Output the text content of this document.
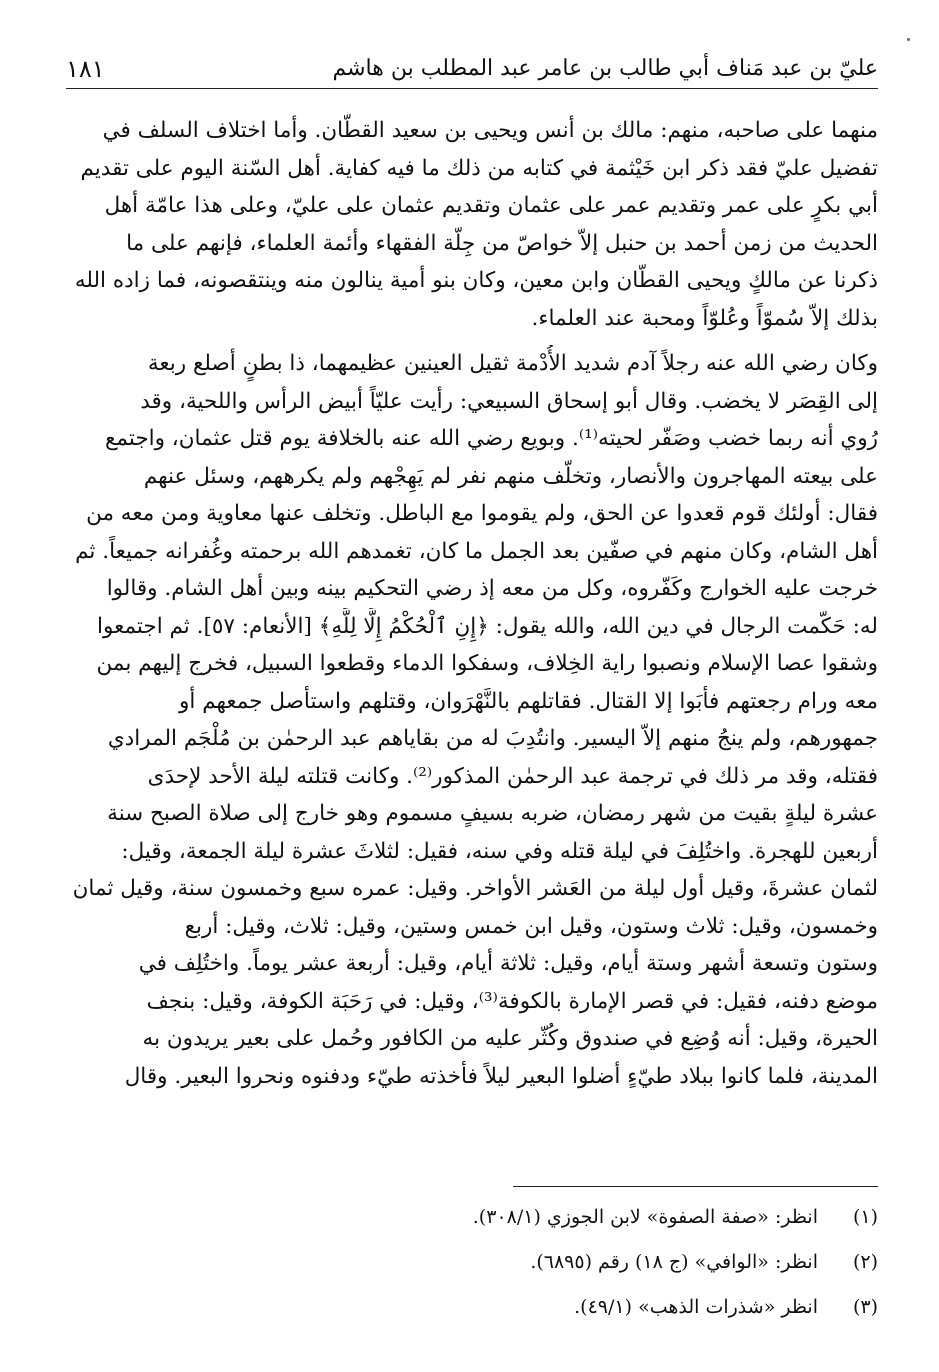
١٨١	عليّ بن عبد مَناف أبي طالب بن عامر عبد المطلب بن هاشم
منهما على صاحبه، منهم: مالك بن أنس ويحيى بن سعيد القطّان. وأما اختلاف السلف في
تفضيل عليّ فقد ذكر ابن خَيْثمة في كتابه من ذلك ما فيه كفاية. أهل السّنة اليوم على تقديم
أبي بكرٍ على عمر وتقديم عمر على عثمان وتقديم عثمان على عليّ، وعلى هذا عامّة أهل
الحديث من زمن أحمد بن حنبل إلاّ خواصّ من جِلّة الفقهاء وأئمة العلماء، فإنهم على ما
ذكرنا عن مالكٍ ويحيى القطّان وابن معين، وكان بنو أمية ينالون منه وينتقصونه، فما زاده الله
بذلك إلاّ سُموّاً وعُلوّاً ومحبة عند العلماء.
وكان رضي الله عنه رجلاً آدم شديد الأُدْمة ثقيل العينين عظيمهما، ذا بطنٍ أصلع ربعة
إلى القِصَر لا يخضب. وقال أبو إسحاق السبيعي: رأيت عليّاً أبيض الرأس واللحية، وقد
رُوي أنه ربما خضب وصَفّر لحيته⁽¹⁾. وبويع رضي الله عنه بالخلافة يوم قتل عثمان، واجتمع
على بيعته المهاجرون والأنصار، وتخلّف منهم نفر لم يَهِجْهم ولم يكرههم، وسئل عنهم
فقال: أولئك قوم قعدوا عن الحق، ولم يقوموا مع الباطل. وتخلف عنها معاوية ومن معه من
أهل الشام، وكان منهم في صفّين بعد الجمل ما كان، تغمدهم الله برحمته وغُفرانه جميعاً. ثم
خرجت عليه الخوارج وكَفّروه، وكل من معه إذ رضي التحكيم بينه وبين أهل الشام. وقالوا
له: حَكّمت الرجال في دين الله، والله يقول: ﴿إِنِ ٱلْحُكْمُ إِلَّا لِلَّهِ﴾ [الأنعام: ٥٧]. ثم اجتمعوا
وشقوا عصا الإسلام ونصبوا راية الخِلاف، وسفكوا الدماء وقطعوا السبيل، فخرج إليهم بمن
معه ورام رجعتهم فأبَوا إلا القتال. فقاتلهم بالنَّهْرَوان، وقتلهم واستأصل جمعهم أو
جمهورهم، ولم ينجُ منهم إلاّ اليسير. وانتُدِبَ له من بقاياهم عبد الرحمٰن بن مُلْجَم المرادي
فقتله، وقد مر ذلك في ترجمة عبد الرحمٰن المذكور⁽²⁾. وكانت قتلته ليلة الأحد لإحدَى
عشرة ليلةٍ بقيت من شهر رمضان، ضربه بسيفٍ مسموم وهو خارج إلى صلاة الصبح سنة
أربعين للهجرة. واختُلِفَ في ليلة قتله وفي سنه، فقيل: لثلاثَ عشرة ليلة الجمعة، وقيل:
لثمان عشرةَ، وقيل أول ليلة من العَشر الأواخر. وقيل: عمره سبع وخمسون سنة، وقيل ثمان
وخمسون، وقيل: ثلاث وستون، وقيل ابن خمس وستين، وقيل: ثلاث، وقيل: أربع
وستون وتسعة أشهر وستة أيام، وقيل: ثلاثة أيام، وقيل: أربعة عشر يوماً. واختُلِف في
موضع دفنه، فقيل: في قصر الإمارة بالكوفة⁽³⁾، وقيل: في رَحَبَة الكوفة، وقيل: بنجف
الحيرة، وقيل: أنه وُضِع في صندوق وكُثّر عليه من الكافور وحُمل على بعير يريدون به
المدينة، فلما كانوا ببلاد طيّءٍ أضلوا البعير ليلاً فأخذته طيّء ودفنوه ونحروا البعير. وقال
(١)انظر: «صفة الصفوة» لابن الجوزي (٣٠٨/١).
(٢)انظر: «الوافي» (ج ١٨) رقم (٦٨٩٥).
(٣)انظر «شذرات الذهب» (٤٩/١).
